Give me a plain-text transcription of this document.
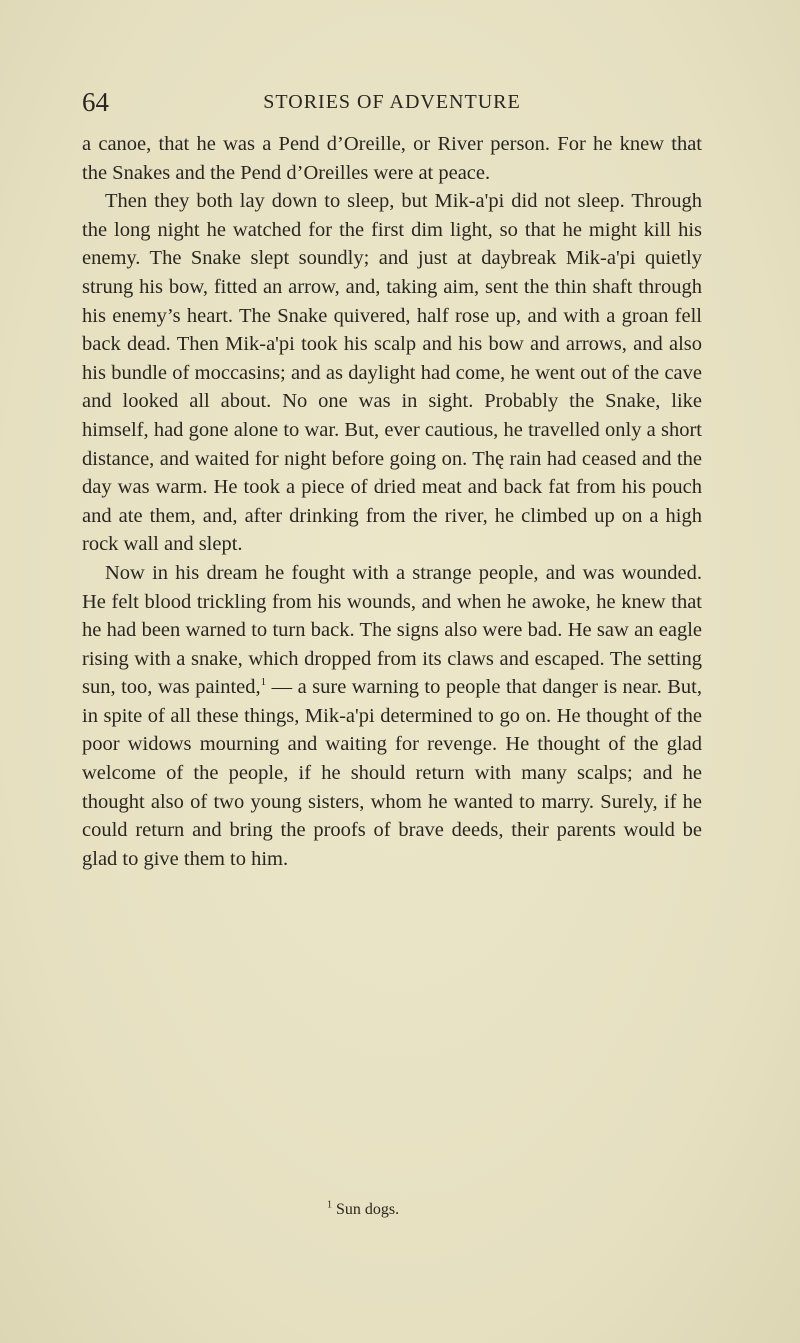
64	STORIES OF ADVENTURE

a canoe, that he was a Pend d’Oreille, or River person. For he knew that the Snakes and the Pend d’Oreilles were at peace.

Then they both lay down to sleep, but Mik-a'pi did not sleep. Through the long night he watched for the first dim light, so that he might kill his enemy. The Snake slept soundly; and just at daybreak Mik-a'pi quietly strung his bow, fitted an arrow, and, taking aim, sent the thin shaft through his enemy’s heart. The Snake quivered, half rose up, and with a groan fell back dead. Then Mik-a'pi took his scalp and his bow and arrows, and also his bundle of moccasins; and as daylight had come, he went out of the cave and looked all about. No one was in sight. Probably the Snake, like himself, had gone alone to war. But, ever cautious, he travelled only a short distance, and waited for night before going on. Thę rain had ceased and the day was warm. He took a piece of dried meat and back fat from his pouch and ate them, and, after drinking from the river, he climbed up on a high rock wall and slept.

Now in his dream he fought with a strange people, and was wounded. He felt blood trickling from his wounds, and when he awoke, he knew that he had been warned to turn back. The signs also were bad. He saw an eagle rising with a snake, which dropped from its claws and escaped. The setting sun, too, was painted,$^1$ — a sure warning to people that danger is near. But, in spite of all these things, Mik-a'pi determined to go on. He thought of the poor widows mourning and waiting for revenge. He thought of the glad welcome of the people, if he should return with many scalps; and he thought also of two young sisters, whom he wanted to marry. Surely, if he could return and bring the proofs of brave deeds, their parents would be glad to give them to him.

$^1$ Sun dogs.
